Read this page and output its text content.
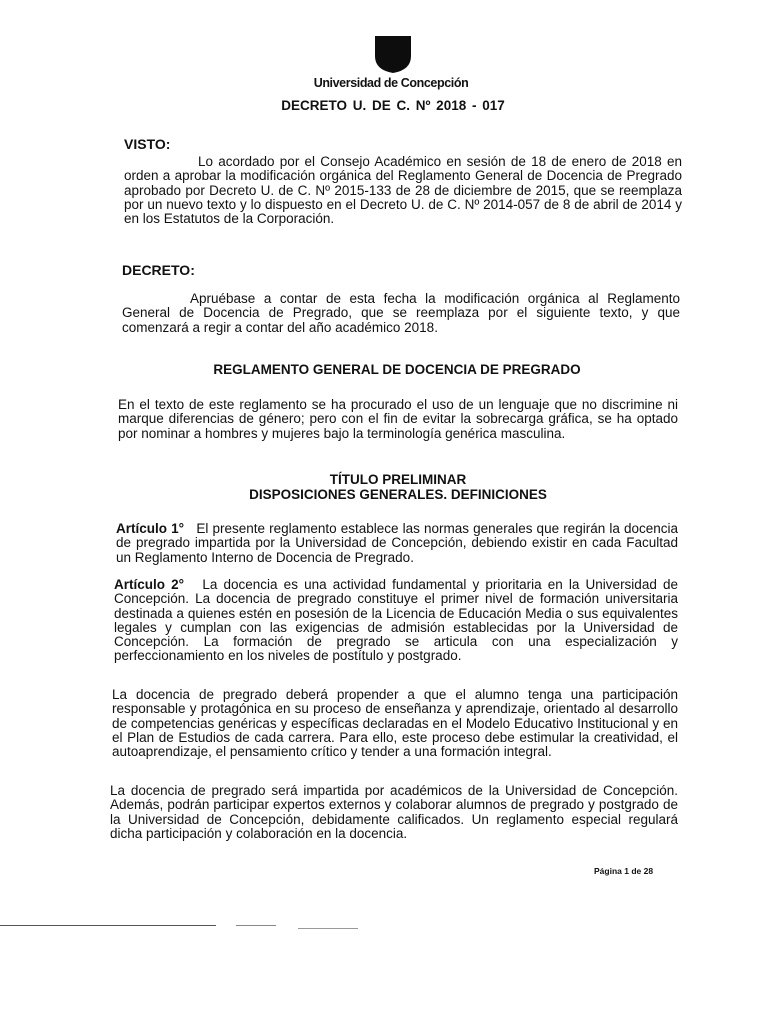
Universidad de Concepción
DECRETO U. DE C. Nº 2018 - 017
VISTO:
Lo acordado por el Consejo Académico en sesión de 18 de enero de 2018 en orden a aprobar la modificación orgánica del Reglamento General de Docencia de Pregrado aprobado por Decreto U. de C. Nº 2015-133 de 28 de diciembre de 2015, que se reemplaza por un nuevo texto y lo dispuesto en el Decreto U. de C. Nº 2014-057 de 8 de abril de 2014 y en los Estatutos de la Corporación.
DECRETO:
Apruébase a contar de esta fecha la modificación orgánica al Reglamento General de Docencia de Pregrado, que se reemplaza por el siguiente texto, y que comenzará a regir a contar del año académico 2018.
REGLAMENTO GENERAL DE DOCENCIA DE PREGRADO
En el texto de este reglamento se ha procurado el uso de un lenguaje que no discrimine ni marque diferencias de género; pero con el fin de evitar la sobrecarga gráfica, se ha optado por nominar a hombres y mujeres bajo la terminología genérica masculina.
TÍTULO PRELIMINAR
DISPOSICIONES GENERALES. DEFINICIONES
Artículo 1° El presente reglamento establece las normas generales que regirán la docencia de pregrado impartida por la Universidad de Concepción, debiendo existir en cada Facultad un Reglamento Interno de Docencia de Pregrado.
Artículo 2° La docencia es una actividad fundamental y prioritaria en la Universidad de Concepción. La docencia de pregrado constituye el primer nivel de formación universitaria destinada a quienes estén en posesión de la Licencia de Educación Media o sus equivalentes legales y cumplan con las exigencias de admisión establecidas por la Universidad de Concepción. La formación de pregrado se articula con una especialización y perfeccionamiento en los niveles de postítulo y postgrado.
La docencia de pregrado deberá propender a que el alumno tenga una participación responsable y protagónica en su proceso de enseñanza y aprendizaje, orientado al desarrollo de competencias genéricas y específicas declaradas en el Modelo Educativo Institucional y en el Plan de Estudios de cada carrera. Para ello, este proceso debe estimular la creatividad, el autoaprendizaje, el pensamiento crítico y tender a una formación integral.
La docencia de pregrado será impartida por académicos de la Universidad de Concepción. Además, podrán participar expertos externos y colaborar alumnos de pregrado y postgrado de la Universidad de Concepción, debidamente calificados. Un reglamento especial regulará dicha participación y colaboración en la docencia.
Página 1 de 28
